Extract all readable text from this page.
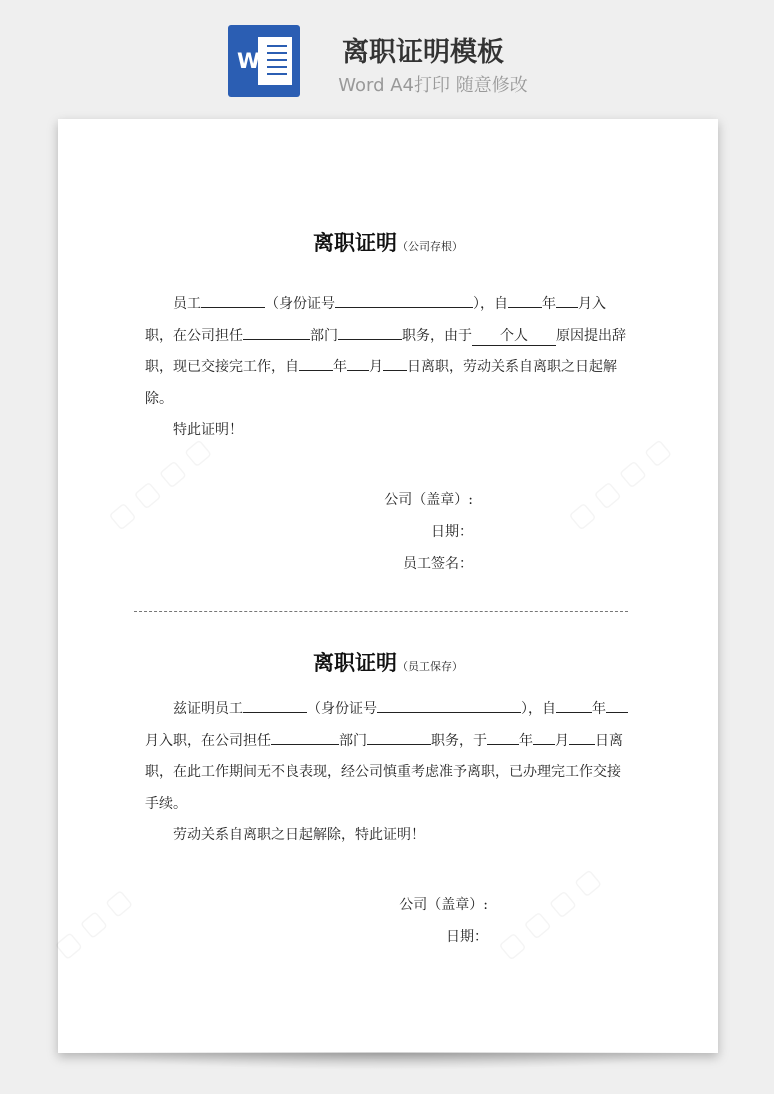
W	离职证明模板
Word A4打印 随意修改
离职证明（公司存根）

员工	（身份证号	），自 年 月入职，在公司担任	部门	职务，由于 个人 原因提出辞职，现已交接完工作，自 年 月 日离职，劳动关系自离职之日起解除。

特此证明！

公司（盖章）:
日期：
员工签名：
离职证明（员工保存）

兹证明员工	（身份证号	），自	年月入职，在公司担任	部门	职务，于 年 月 日离职，在此工作期间无不良表现，经公司慎重考虑准予离职，已办理完工作交接手续。

劳动关系自离职之日起解除，特此证明！

公司（盖章）:
日期：
